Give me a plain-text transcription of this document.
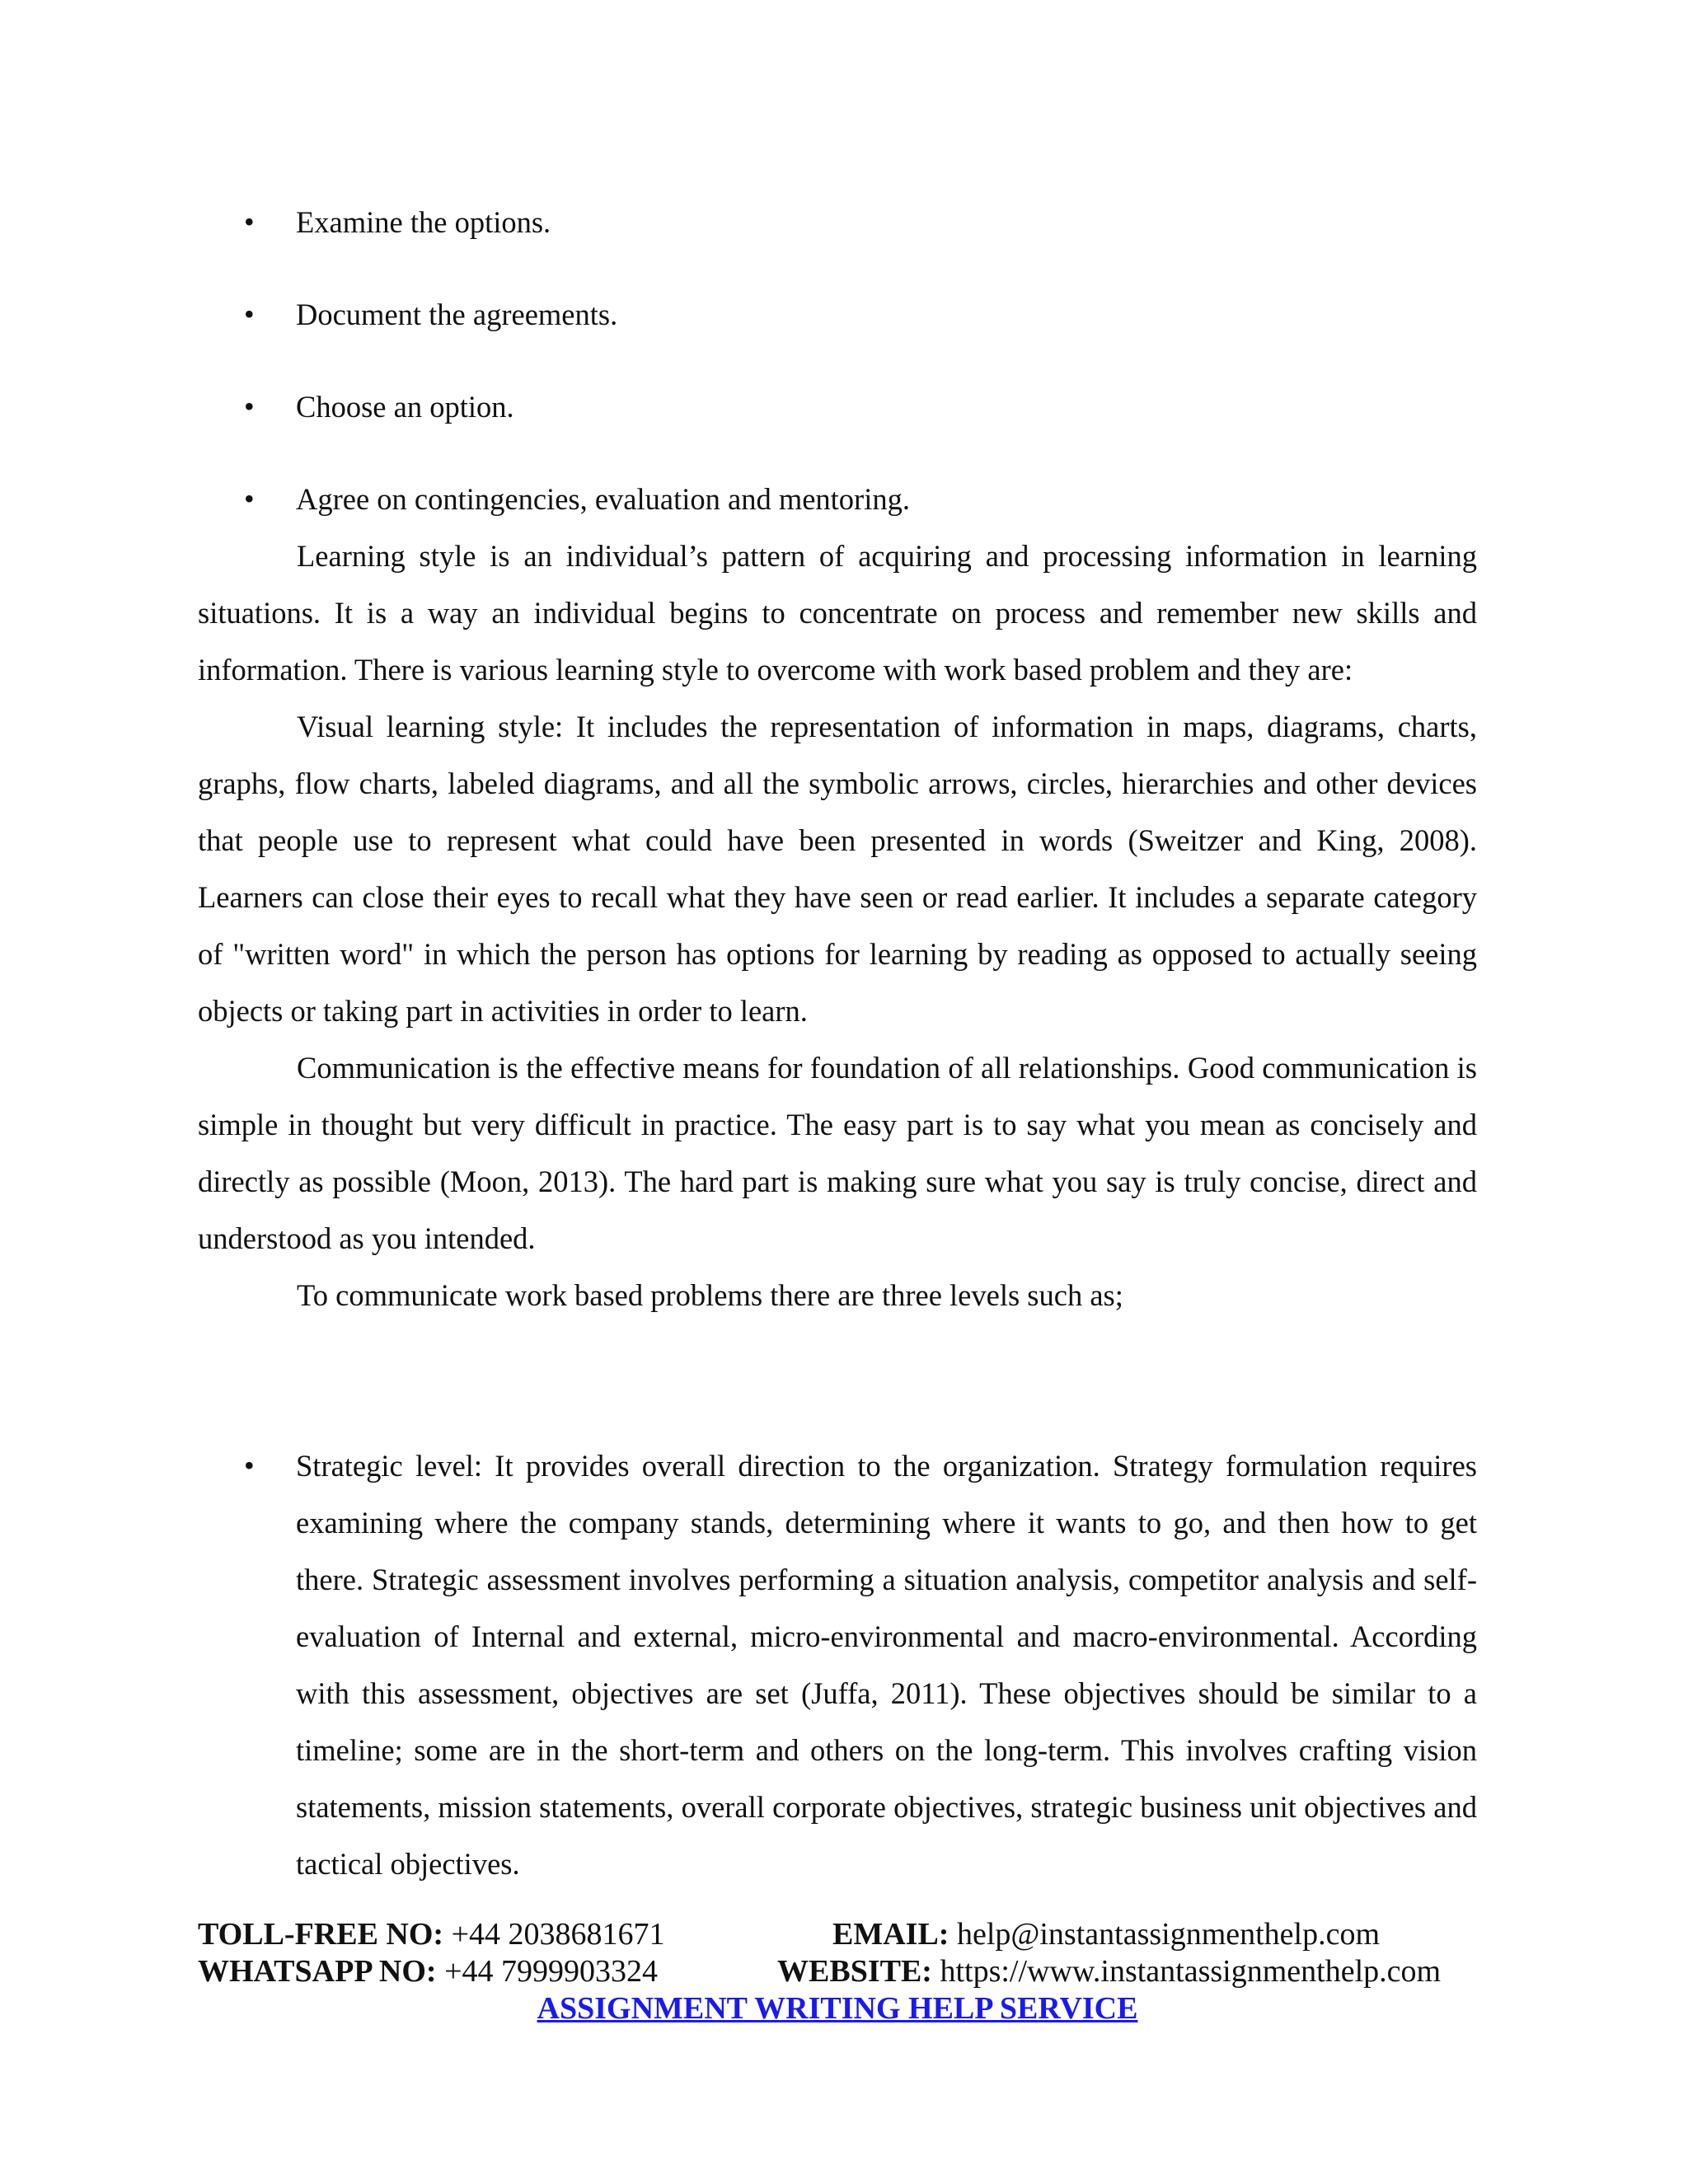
• Examine the options.
• Document the agreements.
• Choose an option.
• Agree on contingencies, evaluation and mentoring.

Learning style is an individual’s pattern of acquiring and processing information in learning situations. It is a way an individual begins to concentrate on process and remember new skills and information. There is various learning style to overcome with work based problem and they are:

Visual learning style: It includes the representation of information in maps, diagrams, charts, graphs, flow charts, labeled diagrams, and all the symbolic arrows, circles, hierarchies and other devices that people use to represent what could have been presented in words (Sweitzer and King, 2008). Learners can close their eyes to recall what they have seen or read earlier. It includes a separate category of "written word" in which the person has options for learning by reading as opposed to actually seeing objects or taking part in activities in order to learn.

Communication is the effective means for foundation of all relationships. Good communication is simple in thought but very difficult in practice. The easy part is to say what you mean as concisely and directly as possible (Moon, 2013). The hard part is making sure what you say is truly concise, direct and understood as you intended.

To communicate work based problems there are three levels such as;

• Strategic level: It provides overall direction to the organization. Strategy formulation requires examining where the company stands, determining where it wants to go, and then how to get there. Strategic assessment involves performing a situation analysis, competitor analysis and self-evaluation of Internal and external, micro-environmental and macro-environmental. According with this assessment, objectives are set (Juffa, 2011). These objectives should be similar to a timeline; some are in the short-term and others on the long-term. This involves crafting vision statements, mission statements, overall corporate objectives, strategic business unit objectives and tactical objectives.
TOLL-FREE NO: +44 2038681671	EMAIL: help@instantassignmenthelp.com
WHATSAPP NO: +44 7999903324	WEBSITE: https://www.instantassignmenthelp.com
ASSIGNMENT WRITING HELP SERVICE
